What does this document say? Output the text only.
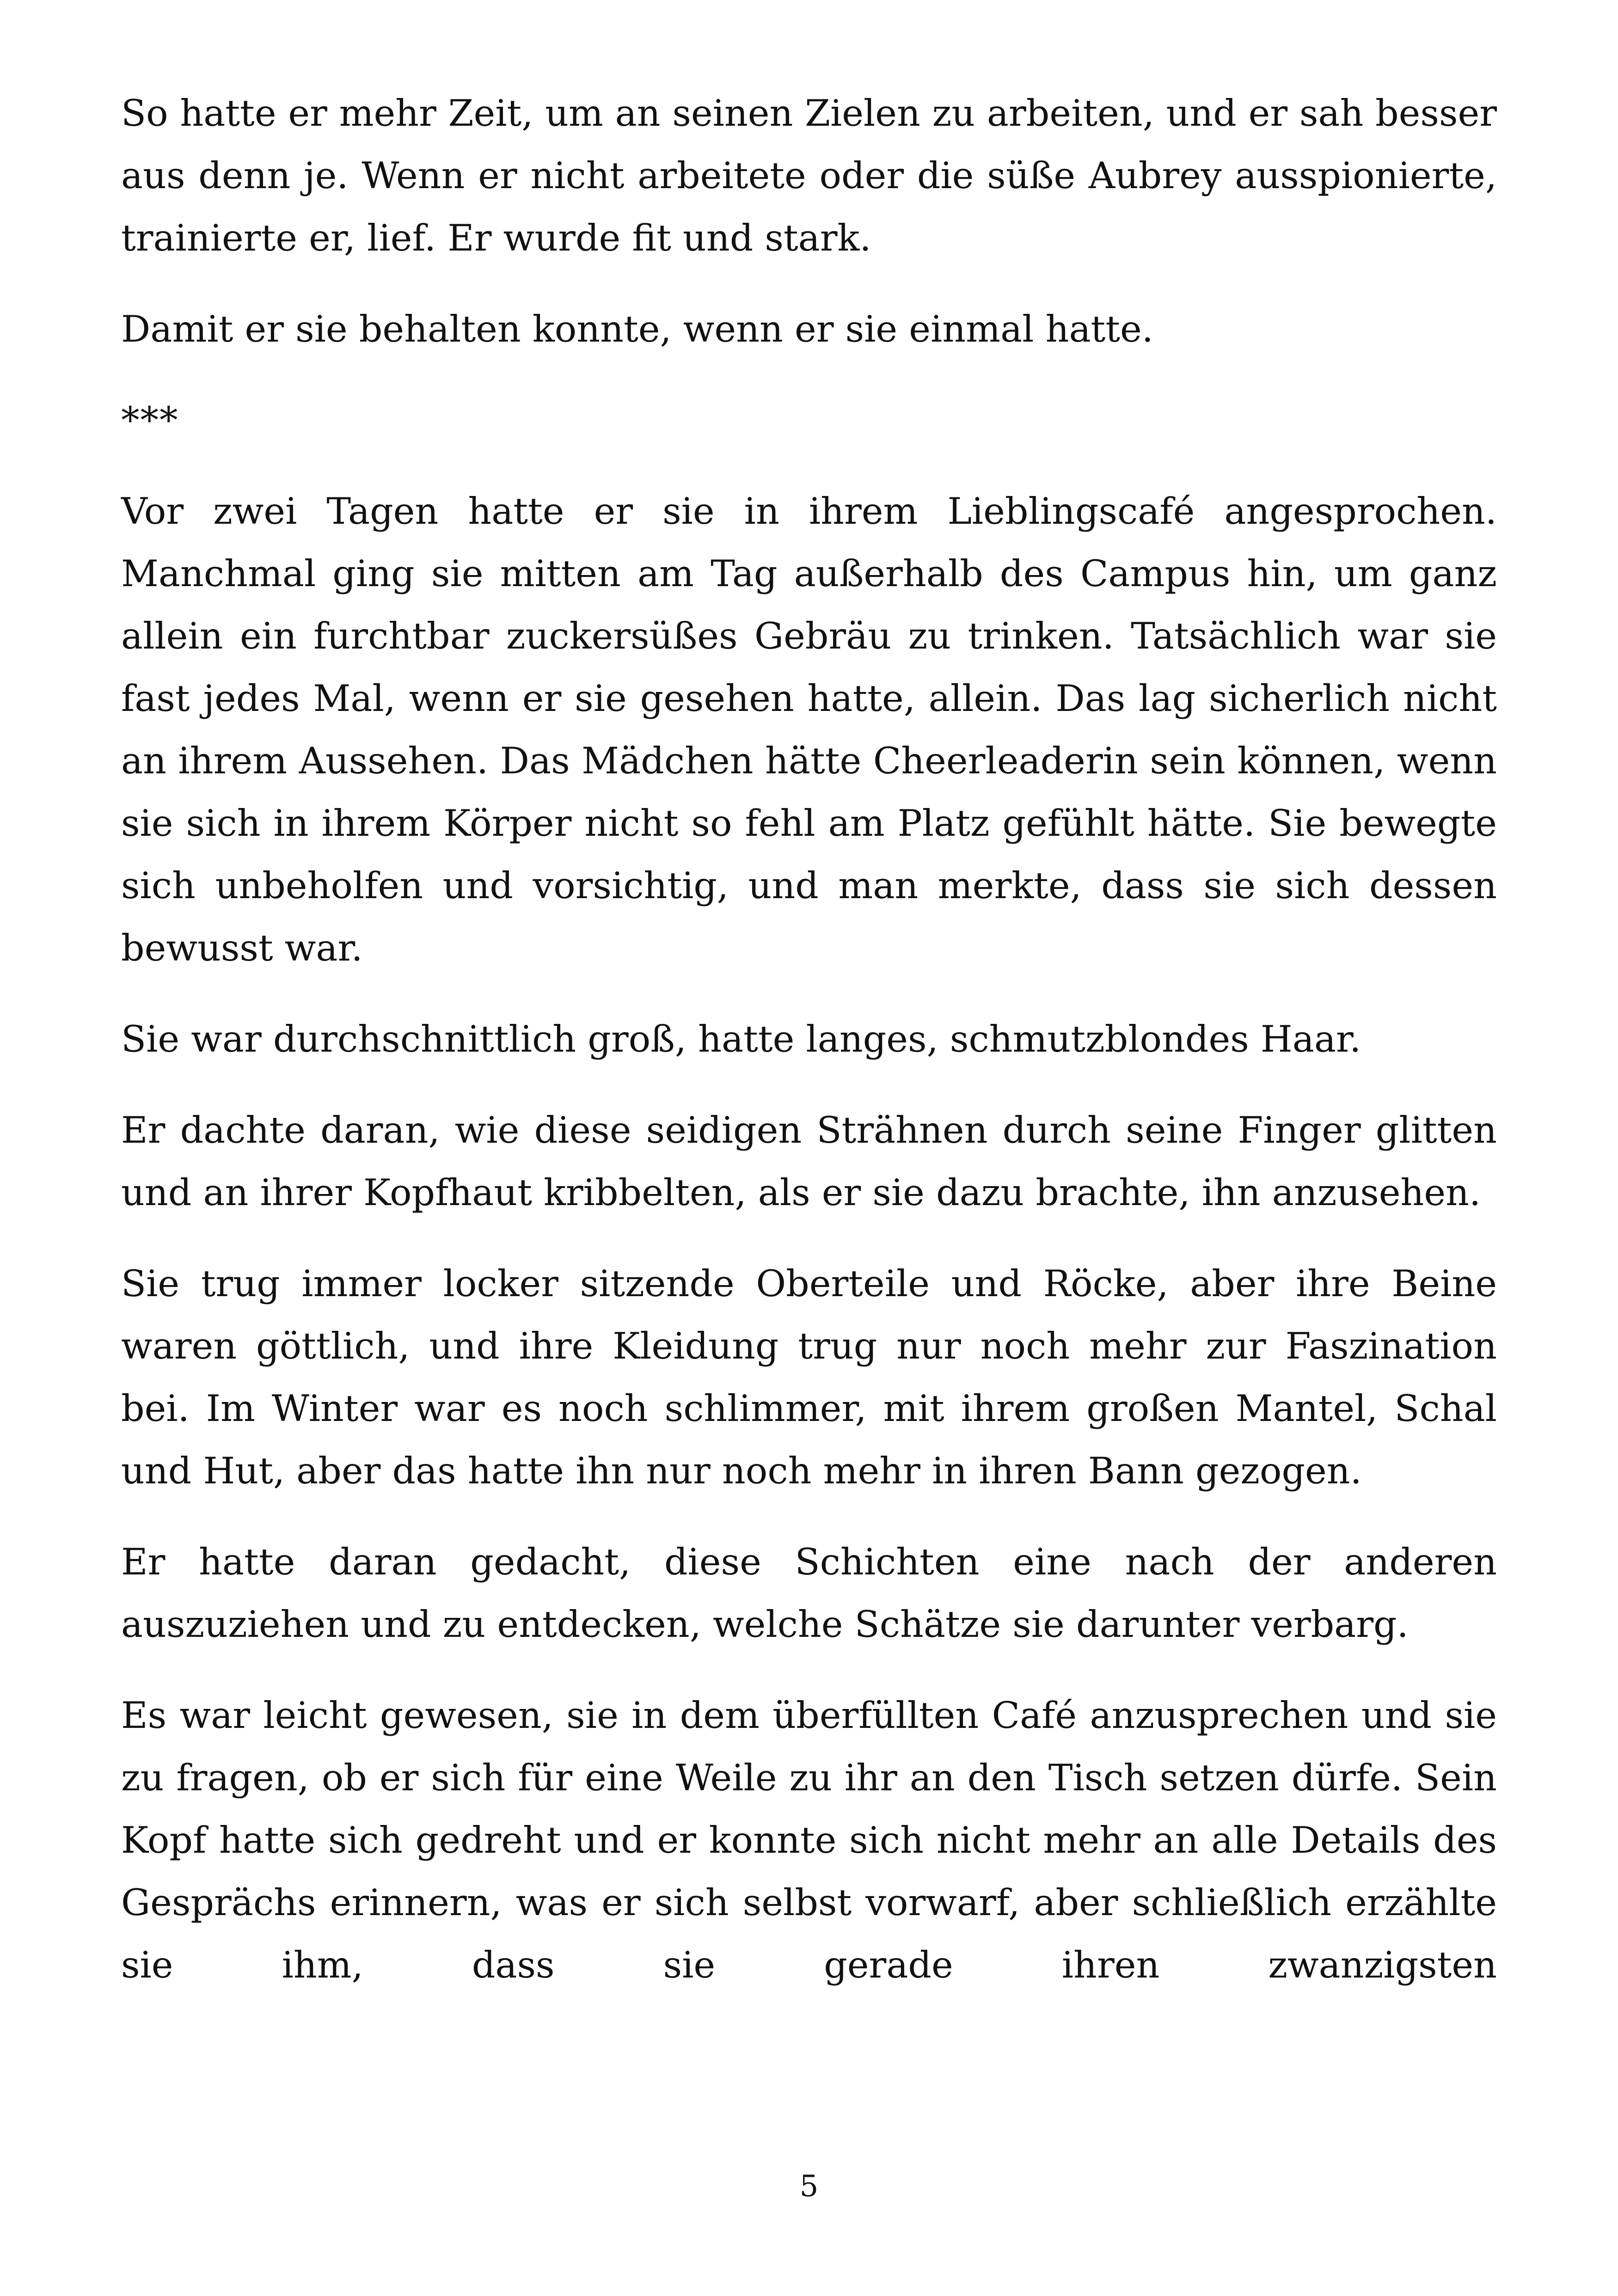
So hatte er mehr Zeit, um an seinen Zielen zu arbeiten, und er sah besser aus denn je. Wenn er nicht arbeitete oder die süße Aubrey ausspionierte, trainierte er, lief. Er wurde fit und stark.

Damit er sie behalten konnte, wenn er sie einmal hatte.

***

Vor zwei Tagen hatte er sie in ihrem Lieblingscafé angesprochen. Manchmal ging sie mitten am Tag außerhalb des Campus hin, um ganz allein ein furchtbar zuckersüßes Gebräu zu trinken. Tatsächlich war sie fast jedes Mal, wenn er sie gesehen hatte, allein. Das lag sicherlich nicht an ihrem Aussehen. Das Mädchen hätte Cheerleaderin sein können, wenn sie sich in ihrem Körper nicht so fehl am Platz gefühlt hätte. Sie bewegte sich unbeholfen und vorsichtig, und man merkte, dass sie sich dessen bewusst war.

Sie war durchschnittlich groß, hatte langes, schmutzblondes Haar.

Er dachte daran, wie diese seidigen Strähnen durch seine Finger glitten und an ihrer Kopfhaut kribbelten, als er sie dazu brachte, ihn anzusehen.

Sie trug immer locker sitzende Oberteile und Röcke, aber ihre Beine waren göttlich, und ihre Kleidung trug nur noch mehr zur Faszination bei. Im Winter war es noch schlimmer, mit ihrem großen Mantel, Schal und Hut, aber das hatte ihn nur noch mehr in ihren Bann gezogen.

Er hatte daran gedacht, diese Schichten eine nach der anderen auszuziehen und zu entdecken, welche Schätze sie darunter verbarg.

Es war leicht gewesen, sie in dem überfüllten Café anzusprechen und sie zu fragen, ob er sich für eine Weile zu ihr an den Tisch setzen dürfe. Sein Kopf hatte sich gedreht und er konnte sich nicht mehr an alle Details des Gesprächs erinnern, was er sich selbst vorwarf, aber schließlich erzählte sie ihm, dass sie gerade ihren zwanzigsten

5
